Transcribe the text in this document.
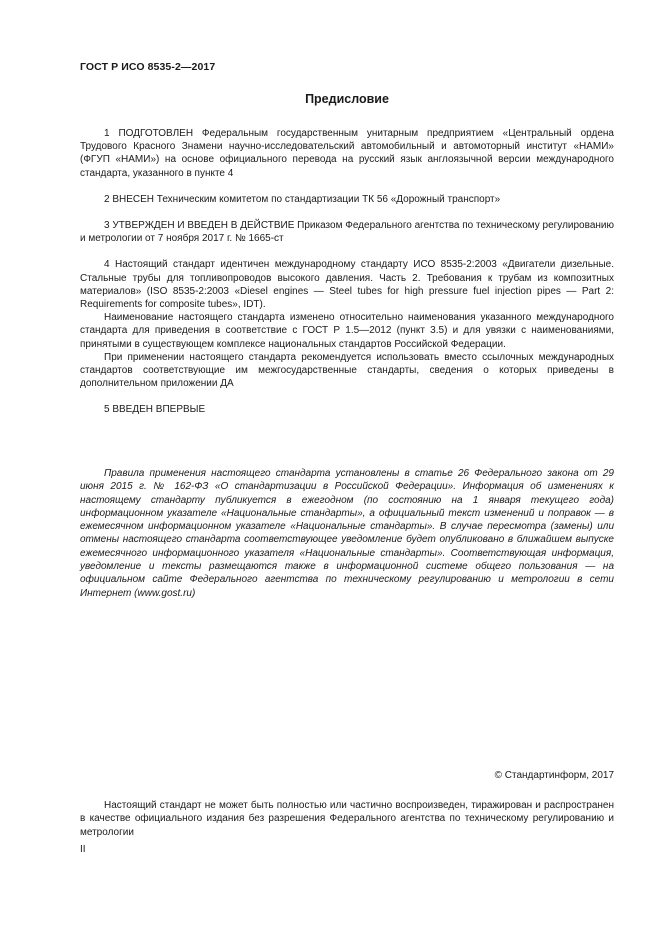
ГОСТ Р ИСО 8535-2—2017
Предисловие

1 ПОДГОТОВЛЕН Федеральным государственным унитарным предприятием «Центральный ордена Трудового Красного Знамени научно-исследовательский автомобильный и автомоторный институт «НАМИ» (ФГУП «НАМИ») на основе официального перевода на русский язык англоязычной версии международного стандарта, указанного в пункте 4

2 ВНЕСЕН Техническим комитетом по стандартизации ТК 56 «Дорожный транспорт»

3 УТВЕРЖДЕН И ВВЕДЕН В ДЕЙСТВИЕ Приказом Федерального агентства по техническому регулированию и метрологии от 7 ноября 2017 г. № 1665-ст

4 Настоящий стандарт идентичен международному стандарту ИСО 8535-2:2003 «Двигатели дизельные. Стальные трубы для топливопроводов высокого давления. Часть 2. Требования к трубам из композитных материалов» (ISO 8535-2:2003 «Diesel engines — Steel tubes for high pressure fuel injection pipes — Part 2: Requirements for composite tubes», IDT).

Наименование настоящего стандарта изменено относительно наименования указанного международного стандарта для приведения в соответствие с ГОСТ Р 1.5—2012 (пункт 3.5) и для увязки с наименованиями, принятыми в существующем комплексе национальных стандартов Российской Федерации.

При применении настоящего стандарта рекомендуется использовать вместо ссылочных международных стандартов соответствующие им межгосударственные стандарты, сведения о которых приведены в дополнительном приложении ДА

5 ВВЕДЕН ВПЕРВЫЕ

Правила применения настоящего стандарта установлены в статье 26 Федерального закона от 29 июня 2015 г. № 162-ФЗ «О стандартизации в Российской Федерации». Информация об изменениях к настоящему стандарту публикуется в ежегодном (по состоянию на 1 января текущего года) информационном указателе «Национальные стандарты», а официальный текст изменений и поправок — в ежемесячном информационном указателе «Национальные стандарты». В случае пересмотра (замены) или отмены настоящего стандарта соответствующее уведомление будет опубликовано в ближайшем выпуске ежемесячного информационного указателя «Национальные стандарты». Соответствующая информация, уведомление и тексты размещаются также в информационной системе общего пользования — на официальном сайте Федерального агентства по техническому регулированию и метрологии в сети Интернет (www.gost.ru)

© Стандартинформ, 2017

Настоящий стандарт не может быть полностью или частично воспроизведен, тиражирован и распространен в качестве официального издания без разрешения Федерального агентства по техническому регулированию и метрологии

II
